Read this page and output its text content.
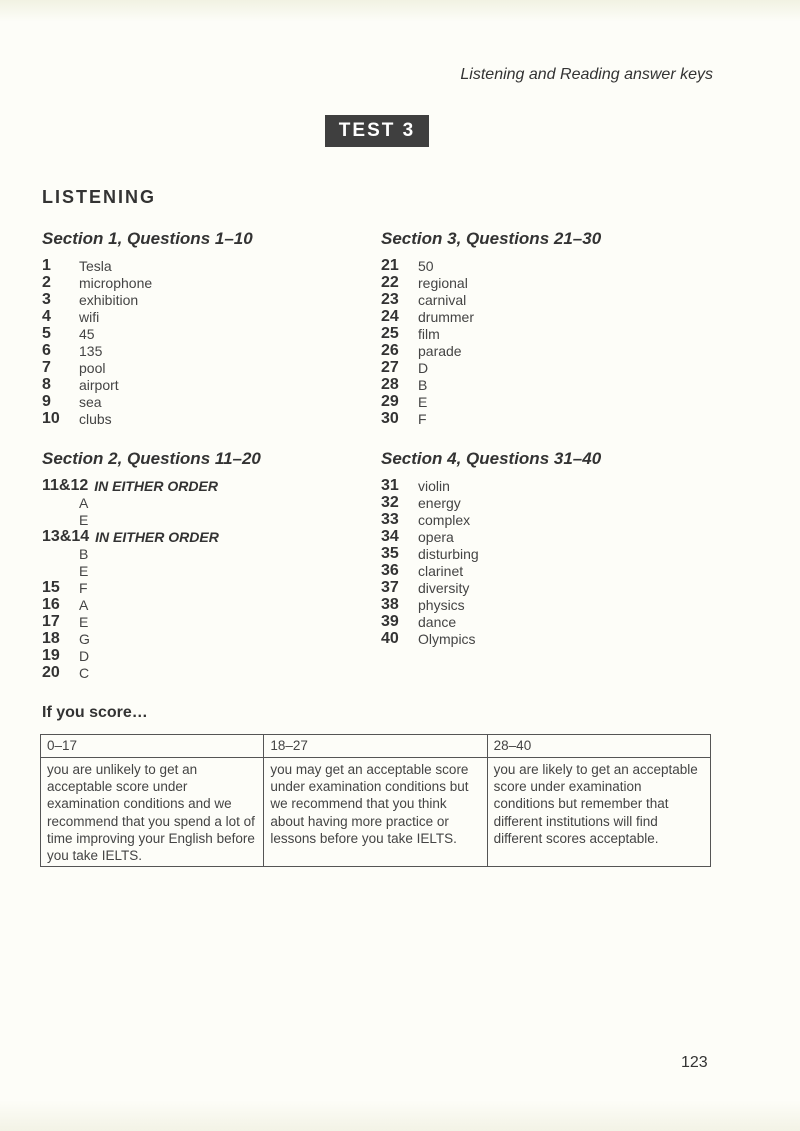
Listening and Reading answer keys
TEST 3
LISTENING
Section 1, Questions 1–10
1	Tesla
2	microphone
3	exhibition
4	wifi
5	45
6	135
7	pool
8	airport
9	sea
10	clubs
Section 3, Questions 21–30
21	50
22	regional
23	carnival
24	drummer
25	film
26	parade
27	D
28	B
29	E
30	F
Section 2, Questions 11–20
11&12 IN EITHER ORDER
A
E
13&14 IN EITHER ORDER
B
E
15	F
16	A
17	E
18	G
19	D
20	C
Section 4, Questions 31–40
31	violin
32	energy
33	complex
34	opera
35	disturbing
36	clarinet
37	diversity
38	physics
39	dance
40	Olympics
If you score…
0–17	18–27	28–40
you are unlikely to get an acceptable score under examination conditions and we recommend that you spend a lot of time improving your English before you take IELTS.	you may get an acceptable score under examination conditions but we recommend that you think about having more practice or lessons before you take IELTS.	you are likely to get an acceptable score under examination conditions but remember that different institutions will find different scores acceptable.
123
